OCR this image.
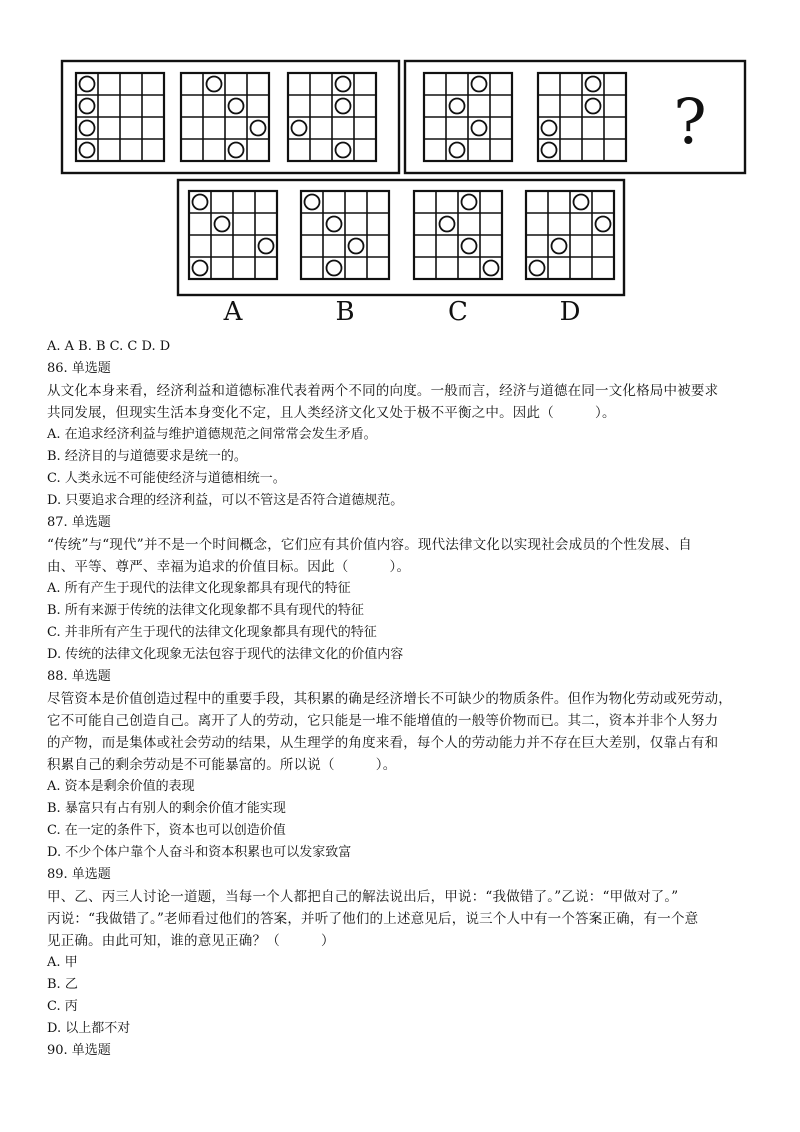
?
A	B	C	D
A. A B. B C. C D. D
86. 单选题
从文化本身来看，经济利益和道德标准代表着两个不同的向度。一般而言，经济与道德在同一文化格局中被要求
共同发展，但现实生活本身变化不定，且人类经济文化又处于极不平衡之中。因此（　　　）。
A. 在追求经济利益与维护道德规范之间常常会发生矛盾。
B. 经济目的与道德要求是统一的。
C. 人类永远不可能使经济与道德相统一。
D. 只要追求合理的经济利益，可以不管这是否符合道德规范。
87. 单选题
“传统”与“现代”并不是一个时间概念，它们应有其价值内容。现代法律文化以实现社会成员的个性发展、自
由、平等、尊严、幸福为追求的价值目标。因此（　　　）。
A. 所有产生于现代的法律文化现象都具有现代的特征
B. 所有来源于传统的法律文化现象都不具有现代的特征
C. 并非所有产生于现代的法律文化现象都具有现代的特征
D. 传统的法律文化现象无法包容于现代的法律文化的价值内容
88. 单选题
尽管资本是价值创造过程中的重要手段，其积累的确是经济增长不可缺少的物质条件。但作为物化劳动或死劳动，
它不可能自己创造自己。离开了人的劳动，它只能是一堆不能增值的一般等价物而已。其二，资本并非个人努力
的产物，而是集体或社会劳动的结果，从生理学的角度来看，每个人的劳动能力并不存在巨大差别，仅靠占有和
积累自己的剩余劳动是不可能暴富的。所以说（　　　）。
A. 资本是剩余价值的表现
B. 暴富只有占有别人的剩余价值才能实现
C. 在一定的条件下，资本也可以创造价值
D. 不少个体户靠个人奋斗和资本积累也可以发家致富
89. 单选题
甲、乙、丙三人讨论一道题，当每一个人都把自己的解法说出后，甲说：“我做错了。”乙说：“甲做对了。”
丙说：“我做错了。”老师看过他们的答案，并听了他们的上述意见后，说三个人中有一个答案正确，有一个意
见正确。由此可知，谁的意见正确？（　　　）
A. 甲
B. 乙
C. 丙
D. 以上都不对
90. 单选题
